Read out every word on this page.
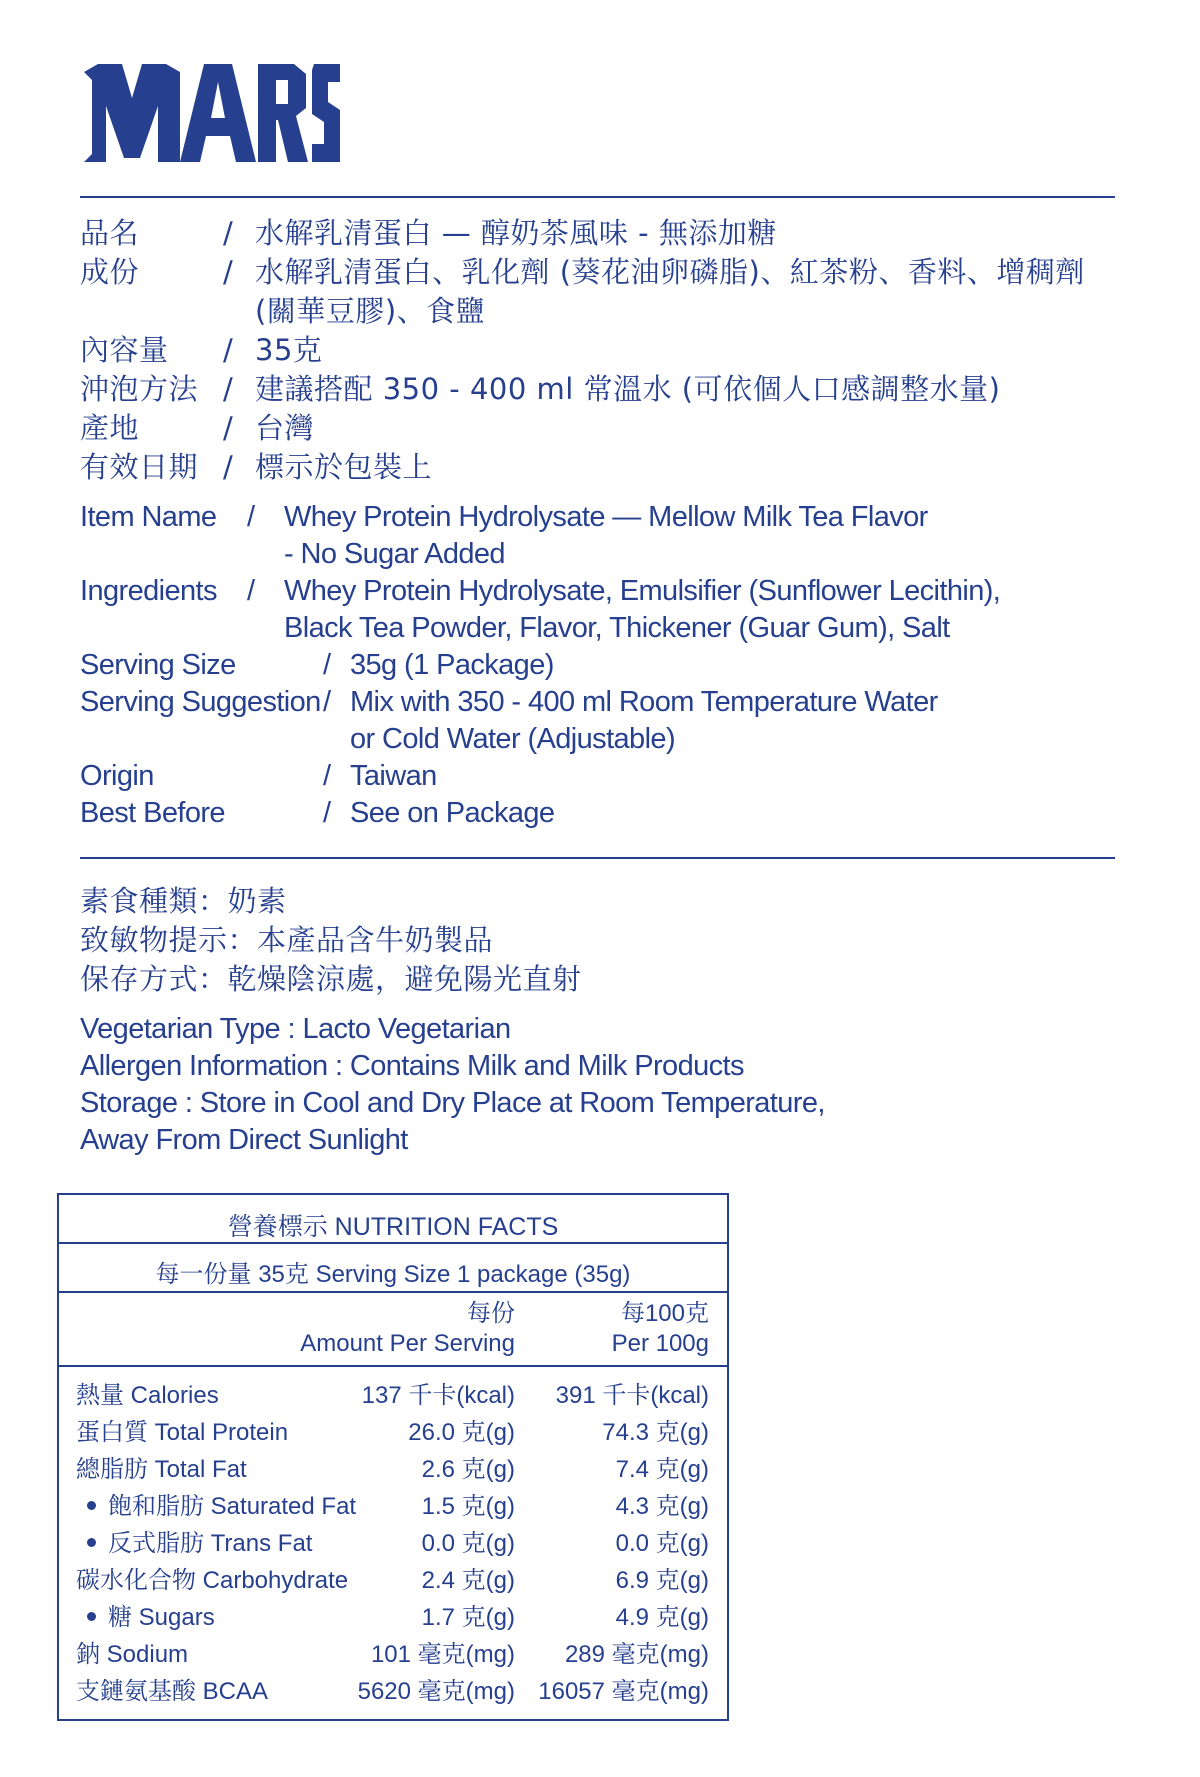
品名	/ 水解乳清蛋白 — 醇奶茶風味 - 無添加糖
成份	/ 水解乳清蛋白、乳化劑 (葵花油卵磷脂)、紅茶粉、香料、增稠劑
(關華豆膠)、食鹽
內容量 / 35克
沖泡方法 / 建議搭配 350 - 400 ml 常溫水 (可依個人口感調整水量)
產地	/ 台灣
有效日期 / 標示於包裝上
Item Name / Whey Protein Hydrolysate — Mellow Milk Tea Flavor
- No Sugar Added
Ingredients / Whey Protein Hydrolysate, Emulsifier (Sunflower Lecithin),
Black Tea Powder, Flavor, Thickener (Guar Gum), Salt
Serving Size	/ 35g (1 Package)
Serving Suggestion / Mix with 350 - 400 ml Room Temperature Water
or Cold Water (Adjustable)
Origin	/ Taiwan
Best Before	/ See on Package
素食種類：奶素
致敏物提示：本產品含牛奶製品
保存方式：乾燥陰涼處，避免陽光直射
Vegetarian Type : Lacto Vegetarian
Allergen Information : Contains Milk and Milk Products
Storage : Store in Cool and Dry Place at Room Temperature,
Away From Direct Sunlight
營養標示 NUTRITION FACTS
每一份量 35克 Serving Size 1 package (35g)
每份
Amount Per Serving
每100克
Per 100g
熱量 Calories	137 千卡(kcal) 391 千卡(kcal)
蛋白質 Total Protein	26.0 克(g)	74.3 克(g)
總脂肪 Total Fat	2.6 克(g)	7.4 克(g)
飽和脂肪 Saturated Fat	1.5 克(g)	4.3 克(g)
反式脂肪 Trans Fat	0.0 克(g)	0.0 克(g)
碳水化合物 Carbohydrate	2.4 克(g)	6.9 克(g)
糖 Sugars	1.7 克(g)	4.9 克(g)
鈉 Sodium	101 毫克(mg) 289 毫克(mg)
支鏈氨基酸 BCAA	5620 毫克(mg) 16057 毫克(mg)
